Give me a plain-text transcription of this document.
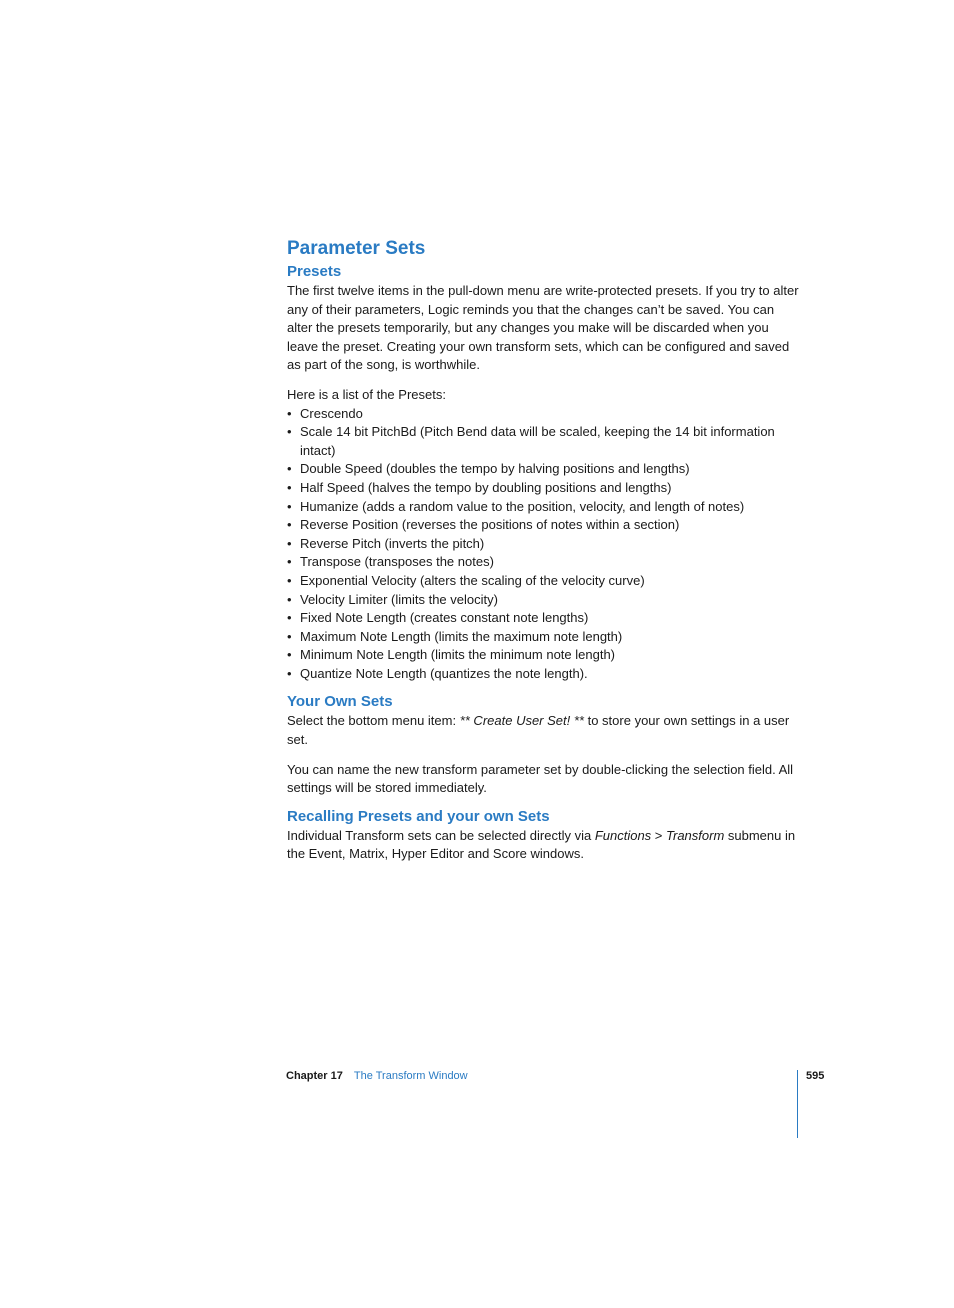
Parameter Sets
Presets

The first twelve items in the pull-down menu are write-protected presets. If you try to alter any of their parameters, Logic reminds you that the changes can’t be saved. You can alter the presets temporarily, but any changes you make will be discarded when you leave the preset. Creating your own transform sets, which can be configured and saved as part of the song, is worthwhile.

Here is a list of the Presets:

• Crescendo
• Scale 14 bit PitchBd (Pitch Bend data will be scaled, keeping the 14 bit information intact)
• Double Speed (doubles the tempo by halving positions and lengths)
• Half Speed (halves the tempo by doubling positions and lengths)
• Humanize (adds a random value to the position, velocity, and length of notes)
• Reverse Position (reverses the positions of notes within a section)
• Reverse Pitch (inverts the pitch)
• Transpose (transposes the notes)
• Exponential Velocity (alters the scaling of the velocity curve)
• Velocity Limiter (limits the velocity)
• Fixed Note Length (creates constant note lengths)
• Maximum Note Length (limits the maximum note length)
• Minimum Note Length (limits the minimum note length)
• Quantize Note Length (quantizes the note length).
Your Own Sets

Select the bottom menu item: ** Create User Set! ** to store your own settings in a user set.

You can name the new transform parameter set by double-clicking the selection field. All settings will be stored immediately.

Recalling Presets and your own Sets

Individual Transform sets can be selected directly via Functions > Transform submenu in the Event, Matrix, Hyper Editor and Score windows.

Chapter 17 The Transform Window	595
